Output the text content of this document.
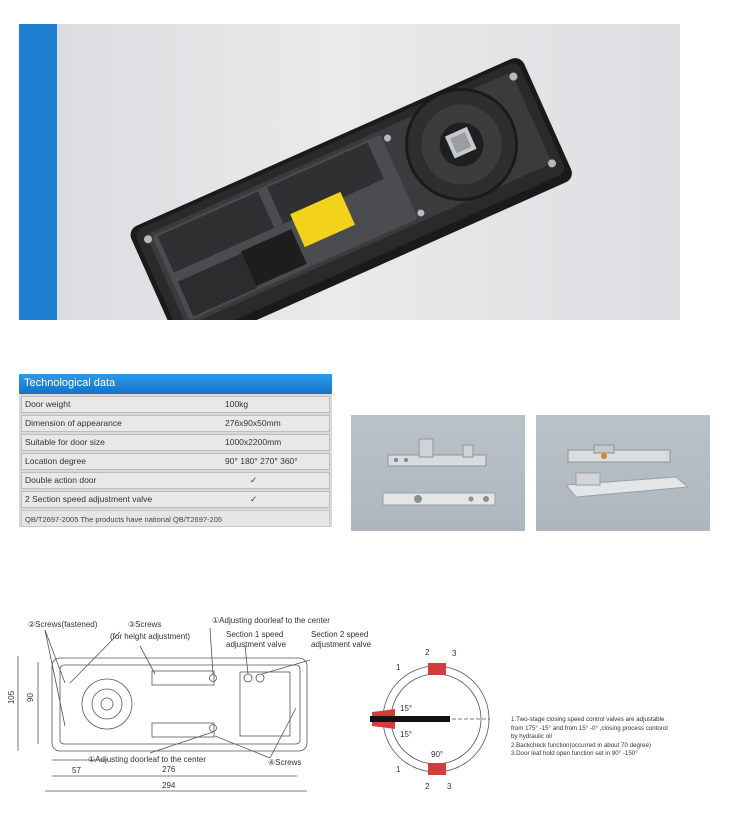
Technological data
Door weight	100kg
Dimension of appearance	276x90x50mm
Suitable for door size	1000x2200mm
Location degree	90° 180° 270° 360°
Double action door	✓
2 Section speed adjustment valve	✓
QB/T2697-2005 The products have national QB/T2697-205
②Screws(fastened)	③Screws
(for height adjustment)
①Adjusting doorleaf to the center
Section 1 speed
adjustment valve
Section 2 speed
adjustment valve
①Adjusting doorleaf to the center	④Screws
105 90
57	276
294
15°
15°
90°
1
1
2	3
2 3
1.Two-stage closing speed control valves are adjustable
from 175° -15° and from 15° -0° ,closing process contorol
by hydraulic oil
2.Backcheck function(occurred in about 70 degree)
3.Door leaf hold open function set in 90° -150°
